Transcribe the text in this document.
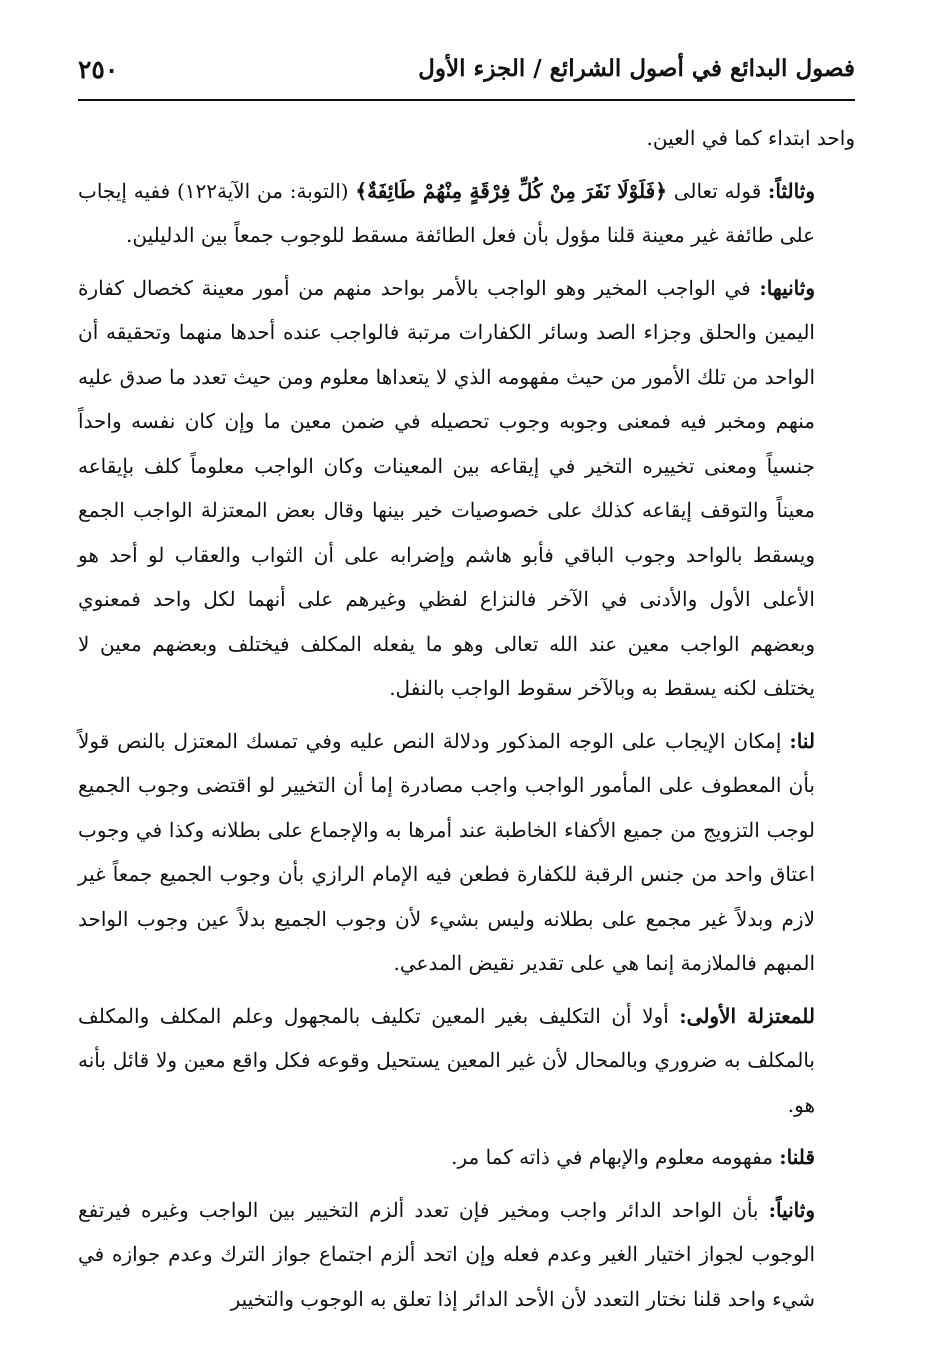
فصول البدائع في أصول الشرائع / الجزء الأول
٢٥٠

واحد ابتداء كما في العين.

وثالثاً: قوله تعالى ﴿فَلَوْلَا نَفَرَ مِنْ كُلِّ فِرْقَةٍ مِنْهُمْ طَائِفَةٌ﴾ (التوبة: من الآية١٢٢) ففيه إيجاب على طائفة غير معينة قلنا مؤول بأن فعل الطائفة مسقط للوجوب جمعاً بين الدليلين.

وثانيها: في الواجب المخير وهو الواجب بالأمر بواحد منهم من أمور معينة كخصال كفارة اليمين والحلق وجزاء الصد وسائر الكفارات مرتبة فالواجب عنده أحدها منهما وتحقيقه أن الواحد من تلك الأمور من حيث مفهومه الذي لا يتعداها معلوم ومن حيث تعدد ما صدق عليه منهم ومخبر فيه فمعنى وجوبه وجوب تحصيله في ضمن معين ما وإن كان نفسه واحداً جنسياً ومعنى تخييره التخير في إيقاعه بين المعينات وكان الواجب معلوماً كلف بإيقاعه معيناً والتوقف إيقاعه كذلك على خصوصيات خير بينها وقال بعض المعتزلة الواجب الجمع ويسقط بالواحد وجوب الباقي فأبو هاشم وإضرابه على أن الثواب والعقاب لو أحد هو الأعلى الأول والأدنى في الآخر فالنزاع لفظي وغيرهم على أنهما لكل واحد فمعنوي وبعضهم الواجب معين عند الله تعالى وهو ما يفعله المكلف فيختلف وبعضهم معين لا يختلف لكنه يسقط به وبالآخر سقوط الواجب بالنفل.

لنا: إمكان الإيجاب على الوجه المذكور ودلالة النص عليه وفي تمسك المعتزل بالنص قولاً بأن المعطوف على المأمور الواجب واجب مصادرة إما أن التخيير لو اقتضى وجوب الجميع لوجب التزويج من جميع الأكفاء الخاطبة عند أمرها به والإجماع على بطلانه وكذا في وجوب اعتاق واحد من جنس الرقبة للكفارة فطعن فيه الإمام الرازي بأن وجوب الجميع جمعاً غير لازم وبدلاً غير مجمع على بطلانه وليس بشيء لأن وجوب الجميع بدلاً عين وجوب الواحد المبهم فالملازمة إنما هي على تقدير نقيض المدعي.

للمعتزلة الأولى: أولا أن التكليف بغير المعين تكليف بالمجهول وعلم المكلف والمكلف بالمكلف به ضروري وبالمحال لأن غير المعين يستحيل وقوعه فكل واقع معين ولا قائل بأنه هو.

قلنا: مفهومه معلوم والإبهام في ذاته كما مر.

وثانياً: بأن الواحد الدائر واجب ومخير فإن تعدد ألزم التخيير بين الواجب وغيره فيرتفع الوجوب لجواز اختيار الغير وعدم فعله وإن اتحد ألزم اجتماع جواز الترك وعدم جوازه في شيء واحد قلنا نختار التعدد لأن الأحد الدائر إذا تعلق به الوجوب والتخيير
